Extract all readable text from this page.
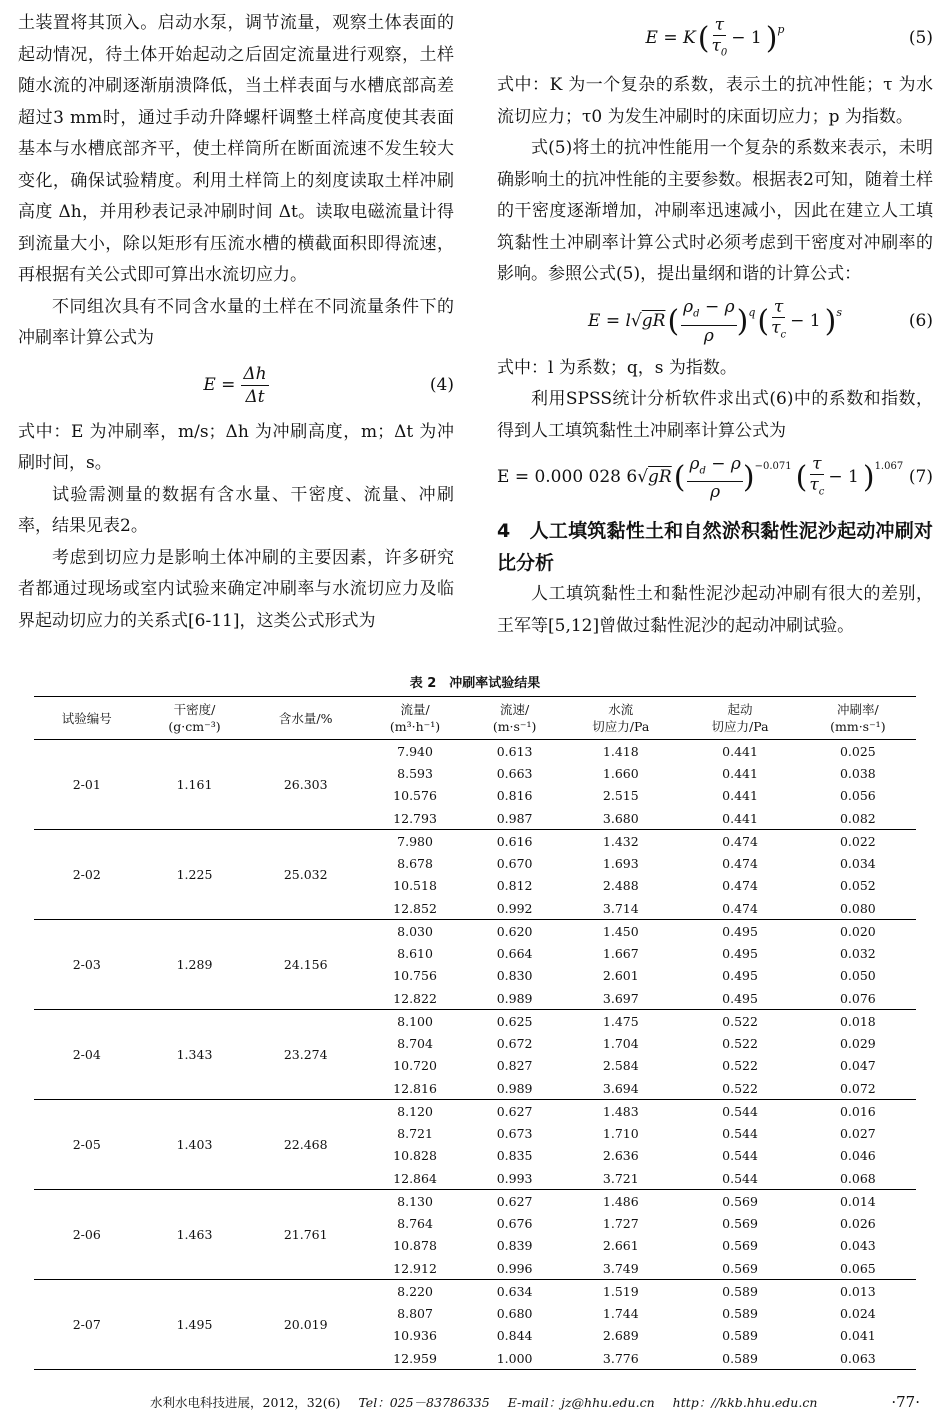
土装置将其顶入。启动水泵，调节流量，观察土体表面的起动情况，待土体开始起动之后固定流量进行观察，土样随水流的冲刷逐渐崩溃降低，当土样表面与水槽底部高差超过3 mm时，通过手动升降螺杆调整土样高度使其表面基本与水槽底部齐平，使土样筒所在断面流速不发生较大变化，确保试验精度。利用土样筒上的刻度读取土样冲刷高度 Δh，并用秒表记录冲刷时间 Δt。读取电磁流量计得到流量大小，除以矩形有压流水槽的横截面积即得流速，再根据有关公式即可算出水流切应力。

不同组次具有不同含水量的土样在不同流量条件下的冲刷率计算公式为

$E = \frac{\Delta h}{\Delta t}$	(4)

式中：E 为冲刷率，m/s；Δh 为冲刷高度，m；Δt 为冲刷时间，s。

试验需测量的数据有含水量、干密度、流量、冲刷率，结果见表2。

考虑到切应力是影响土体冲刷的主要因素，许多研究者都通过现场或室内试验来确定冲刷率与水流切应力及临界起动切应力的关系式[6-11]，这类公式形式为

E = K ( τ
$\tau_0$
− 1 )$^p$	(5)

式中：K 为一个复杂的系数，表示土的抗冲性能；τ 为水流切应力；τ0 为发生冲刷时的床面切应力；p 为指数。

式(5)将土的抗冲性能用一个复杂的系数来表示，未明确影响土的抗冲性能的主要参数。根据表2可知，随着土样的干密度逐渐增加，冲刷率迅速减小，因此在建立人工填筑黏性土冲刷率计算公式时必须考虑到干密度对冲刷率的影响。参照公式(5)，提出量纲和谐的计算公式：

E = l√gR ( $\rho_d - \rho$
ρ )$^q$ ( τ
$\tau_c$
− 1 )$^s$	(6)

式中：l 为系数；q，s 为指数。

利用SPSS统计分析软件求出式(6)中的系数和指数，得到人工填筑黏性土冲刷率计算公式为

E = 0.000 028 6 √gR ( $\rho_d - \rho$
ρ )$^{-0.071}$ ( τ
$\tau_c$
− 1 )$^{1.067}$
(7)
4　人工填筑黏性土和自然淤积黏性泥沙起动冲刷对比分析

人工填筑黏性土和黏性泥沙起动冲刷有很大的差别，王军等[5,12]曾做过黏性泥沙的起动冲刷试验。

表 2　冲刷率试验结果
试验编号	干密度/
(g·cm⁻³)	含水量/%	流量/
(m³·h⁻¹)	流速/
(m·s⁻¹)	水流
切应力/Pa	起动
切应力/Pa	冲刷率/
(mm·s⁻¹)
2-01	1.161	26.303	7.940	0.613	1.418	0.441	0.025
			8.593	0.663	1.660	0.441	0.038
			10.576	0.816	2.515	0.441	0.056
			12.793	0.987	3.680	0.441	0.082
2-02	1.225	25.032	7.980	0.616	1.432	0.474	0.022
			8.678	0.670	1.693	0.474	0.034
			10.518	0.812	2.488	0.474	0.052
			12.852	0.992	3.714	0.474	0.080
2-03	1.289	24.156	8.030	0.620	1.450	0.495	0.020
			8.610	0.664	1.667	0.495	0.032
			10.756	0.830	2.601	0.495	0.050
			12.822	0.989	3.697	0.495	0.076
2-04	1.343	23.274	8.100	0.625	1.475	0.522	0.018
			8.704	0.672	1.704	0.522	0.029
			10.720	0.827	2.584	0.522	0.047
			12.816	0.989	3.694	0.522	0.072
2-05	1.403	22.468	8.120	0.627	1.483	0.544	0.016
			8.721	0.673	1.710	0.544	0.027
			10.828	0.835	2.636	0.544	0.046
			12.864	0.993	3.721	0.544	0.068
2-06	1.463	21.761	8.130	0.627	1.486	0.569	0.014
			8.764	0.676	1.727	0.569	0.026
			10.878	0.839	2.661	0.569	0.043
			12.912	0.996	3.749	0.569	0.065
2-07	1.495	20.019	8.220	0.634	1.519	0.589	0.013
			8.807	0.680	1.744	0.589	0.024
			10.936	0.844	2.689	0.589	0.041
			12.959	1.000	3.776	0.589	0.063
水利水电科技进展，2012，32(6) Tel：025－83786335 E-mail：jz@hhu.edu.cn http：//kkb.hhu.edu.cn	·77·
